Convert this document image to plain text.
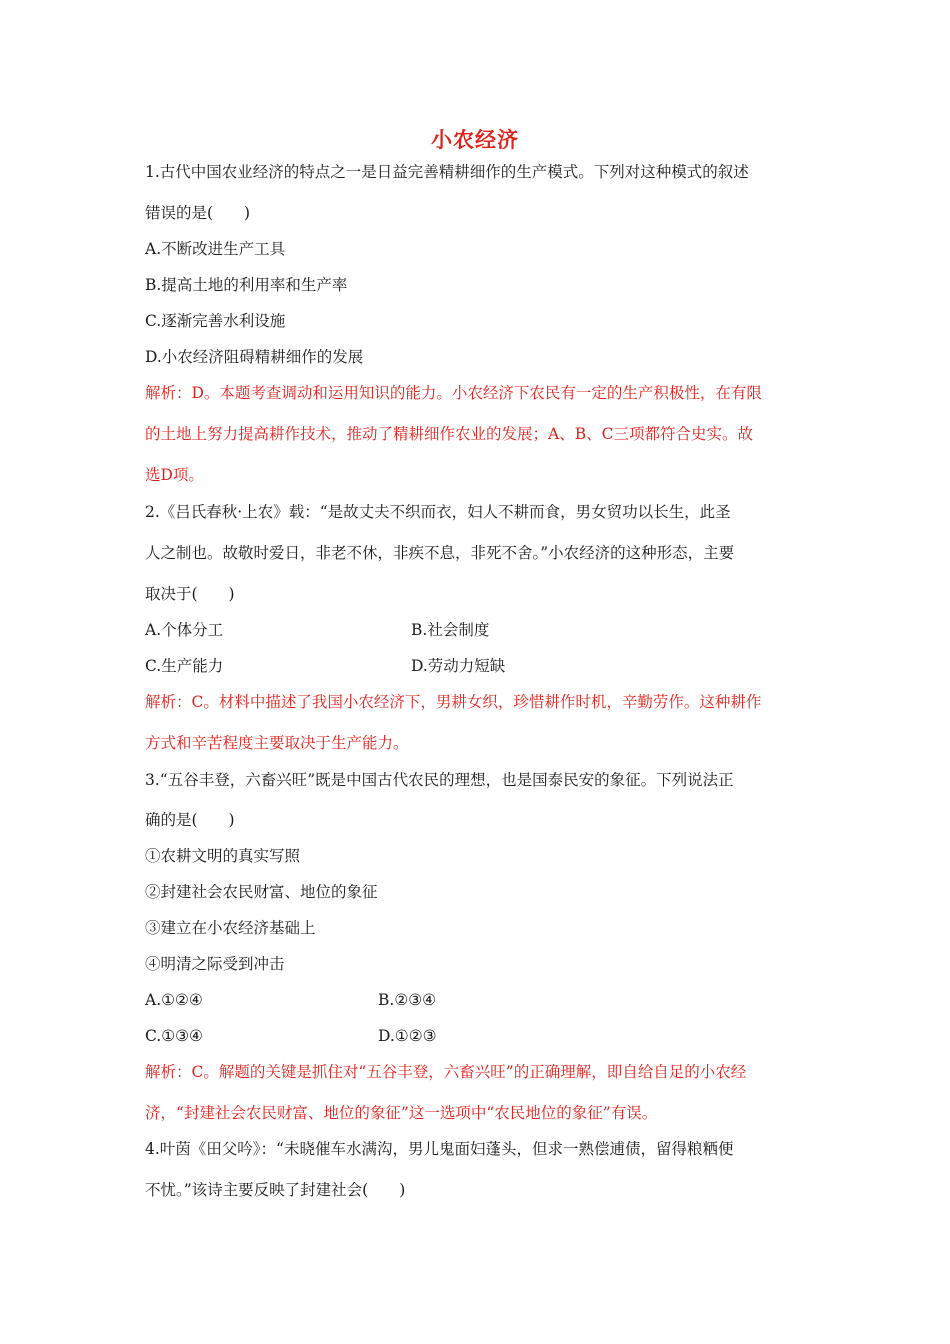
小农经济
1.古代中国农业经济的特点之一是日益完善精耕细作的生产模式。下列对这种模式的叙述
错误的是(　　)
A.不断改进生产工具
B.提高土地的利用率和生产率
C.逐渐完善水利设施
D.小农经济阻碍精耕细作的发展
解析：D。本题考查调动和运用知识的能力。小农经济下农民有一定的生产积极性，在有限
的土地上努力提高耕作技术，推动了精耕细作农业的发展；A、B、C三项都符合史实。故
选D项。
2.《吕氏春秋·上农》载：“是故丈夫不织而衣，妇人不耕而食，男女贸功以长生，此圣
人之制也。故敬时爱日，非老不休，非疾不息，非死不舍。”小农经济的这种形态，主要
取决于(　　)
A.个体分工	B.社会制度
C.生产能力	D.劳动力短缺
解析：C。材料中描述了我国小农经济下，男耕女织，珍惜耕作时机，辛勤劳作。这种耕作
方式和辛苦程度主要取决于生产能力。
3.“五谷丰登，六畜兴旺”既是中国古代农民的理想，也是国泰民安的象征。下列说法正
确的是(　　)
①农耕文明的真实写照
②封建社会农民财富、地位的象征
③建立在小农经济基础上
④明清之际受到冲击
A.①②④	B.②③④
C.①③④	D.①②③
解析：C。解题的关键是抓住对“五谷丰登，六畜兴旺”的正确理解，即自给自足的小农经
济，“封建社会农民财富、地位的象征”这一选项中“农民地位的象征”有误。
4.叶茵《田父吟》：“未晓催车水满沟，男儿鬼面妇蓬头，但求一熟偿逋债，留得粮粞便
不忧。”该诗主要反映了封建社会(　　)
